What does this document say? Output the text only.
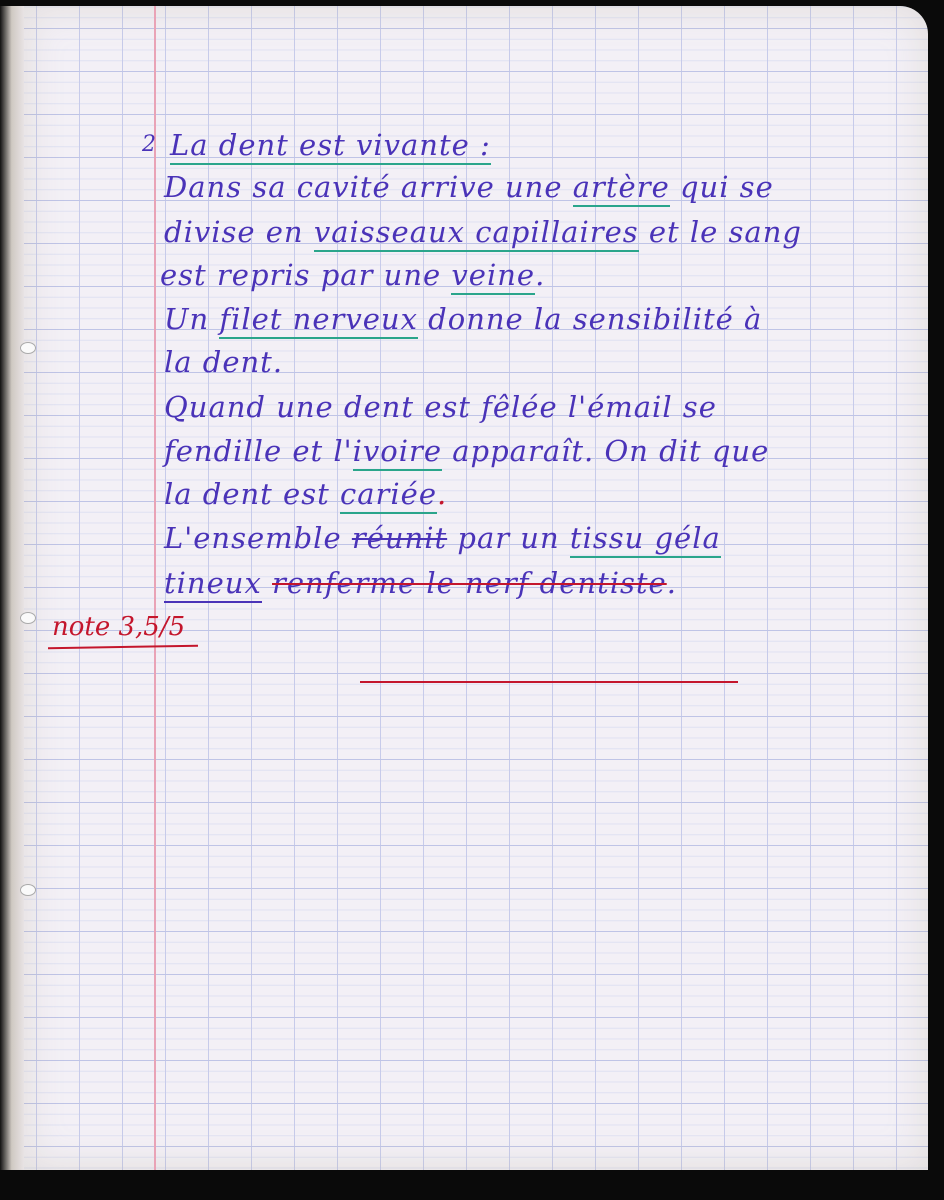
2 La dent est vivante :
Dans sa cavité arrive une artère qui se
divise en vaisseaux capillaires et le sang
est repris par une veine.
Un filet nerveux donne la sensibilité à
la dent.
Quand une dent est fêlée l'émail se
fendille et l'ivoire apparaît. On dit que
la dent est cariée.
L'ensemble réunit par un tissu géla
tineux renferme le nerf dentiste.
note 3,5/5
